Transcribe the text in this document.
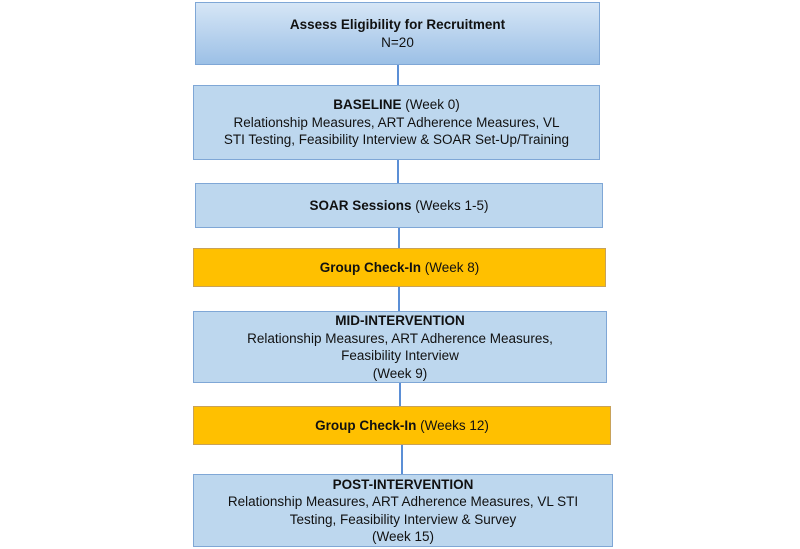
Assess Eligibility for Recruitment
N=20
BASELINE (Week 0)
Relationship Measures, ART Adherence Measures, VL
STI Testing, Feasibility Interview & SOAR Set-Up/Training
SOAR Sessions (Weeks 1-5)
Group Check-In (Week 8)
MID-INTERVENTION
Relationship Measures, ART Adherence Measures,
Feasibility Interview
(Week 9)
Group Check-In (Weeks 12)
POST-INTERVENTION
Relationship Measures, ART Adherence Measures, VL STI
Testing, Feasibility Interview & Survey
(Week 15)
